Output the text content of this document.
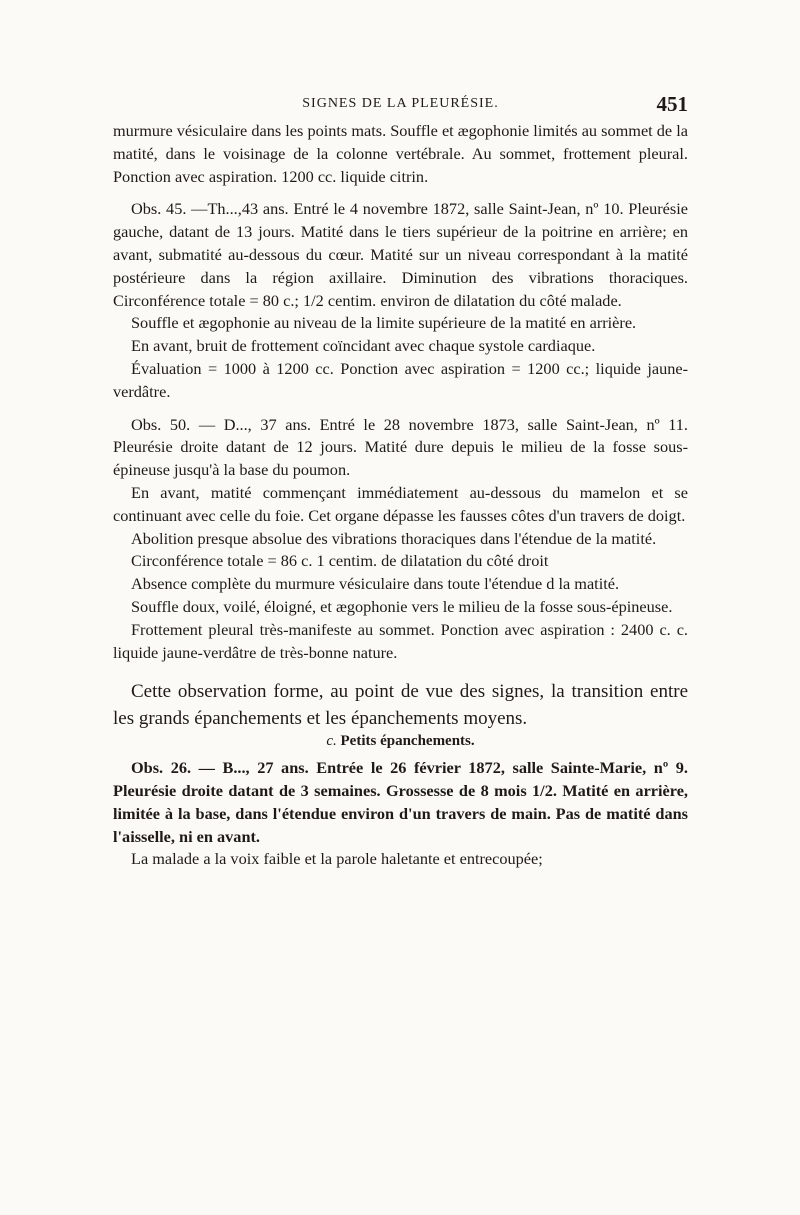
SIGNES DE LA PLEURÉSIE.	451

murmure vésiculaire dans les points mats. Souffle et ægophonie limités au sommet de la matité, dans le voisinage de la colonne vertébrale. Au sommet, frottement pleural. Ponction avec aspiration. 1200 cc. liquide citrin.

Obs. 45. —Th...,43 ans. Entré le 4 novembre 1872, salle Saint-Jean, nº 10. Pleurésie gauche, datant de 13 jours. Matité dans le tiers supérieur de la poitrine en arrière; en avant, submatité au-dessous du cœur. Matité sur un niveau correspondant à la matité postérieure dans la région axillaire. Diminution des vibrations thoraciques. Circonférence totale = 80 c.; 1/2 centim. environ de dilatation du côté malade.

Souffle et ægophonie au niveau de la limite supérieure de la matité en arrière.

En avant, bruit de frottement coïncidant avec chaque systole cardiaque.

Évaluation = 1000 à 1200 cc. Ponction avec aspiration = 1200 cc.; liquide jaune-verdâtre.

Obs. 50. — D..., 37 ans. Entré le 28 novembre 1873, salle Saint-Jean, nº 11. Pleurésie droite datant de 12 jours. Matité dure depuis le milieu de la fosse sous-épineuse jusqu'à la base du poumon.

En avant, matité commençant immédiatement au-dessous du mamelon et se continuant avec celle du foie. Cet organe dépasse les fausses côtes d'un travers de doigt.

Abolition presque absolue des vibrations thoraciques dans l'étendue de la matité.

Circonférence totale = 86 c. 1 centim. de dilatation du côté droit

Absence complète du murmure vésiculaire dans toute l'étendue d la matité.

Souffle doux, voilé, éloigné, et ægophonie vers le milieu de la fosse sous-épineuse.

Frottement pleural très-manifeste au sommet. Ponction avec aspiration : 2400 c. c. liquide jaune-verdâtre de très-bonne nature.

Cette observation forme, au point de vue des signes, la transition entre les grands épanchements et les épanchements moyens.

c. Petits épanchements.

Obs. 26. — B..., 27 ans. Entrée le 26 février 1872, salle Sainte-Marie, nº 9. Pleurésie droite datant de 3 semaines. Grossesse de 8 mois 1/2. Matité en arrière, limitée à la base, dans l'étendue environ d'un travers de main. Pas de matité dans l'aisselle, ni en avant.

La malade a la voix faible et la parole haletante et entrecoupée;
